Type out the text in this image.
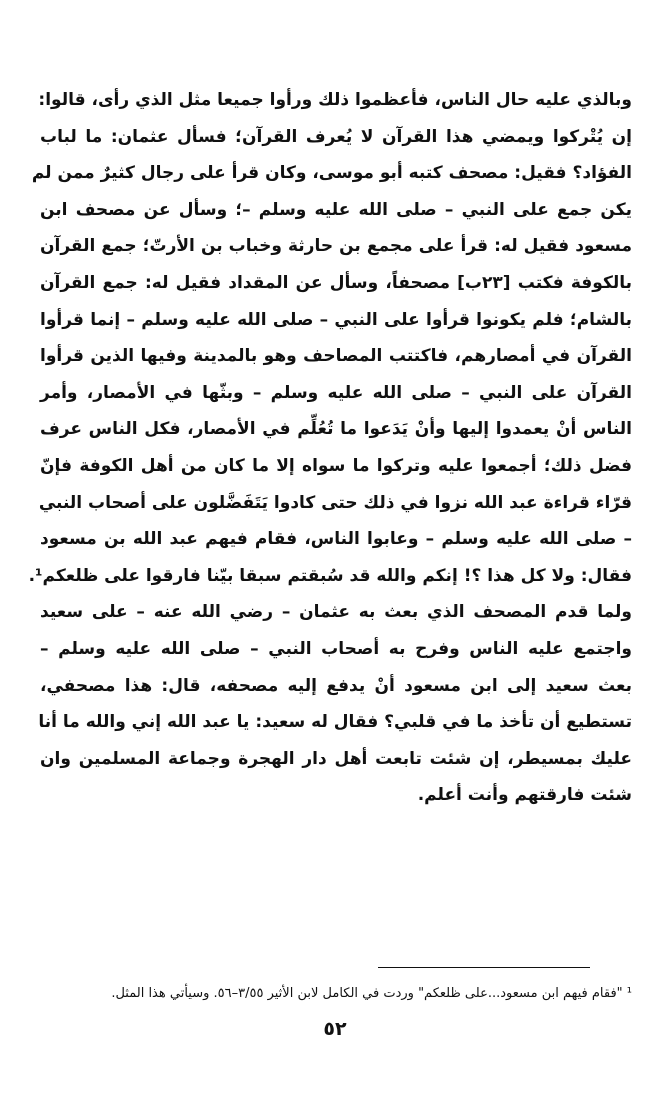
وبالذي عليه حال الناس، فأعظموا ذلك ورأوا جميعا مثل الذي رأى، قالوا:
إن يُتْركوا ويمضي هذا القرآن لا يُعرف القرآن؛ فسأل عثمان: ما لباب
الفؤاد؟ فقيل: مصحف كتبه أبو موسى، وكان قرأ على رجال كثيرٌ ممن لم
يكن جمع على النبي – صلى الله عليه وسلم –؛ وسأل عن مصحف ابن
مسعود فقيل له: قرأ على مجمع بن حارثة وخباب بن الأرتّ؛ جمع القرآن
بالكوفة فكتب [٢٣ب] مصحفاً، وسأل عن المقداد فقيل له: جمع القرآن
بالشام؛ فلم يكونوا قرأوا على النبي – صلى الله عليه وسلم – إنما قرأوا
القرآن في أمصارهم، فاكتتب المصاحف وهو بالمدينة وفيها الذين قرأوا
القرآن على النبي – صلى الله عليه وسلم – وبثّها في الأمصار، وأمر
الناس أنْ يعمدوا إليها وأنْ يَدَعوا ما تُعُلِّم في الأمصار، فكل الناس عرف
فضل ذلك؛ أجمعوا عليه وتركوا ما سواه إلا ما كان من أهل الكوفة فإنّ
قرّاء قراءة عبد الله نزوا في ذلك حتى كادوا يَتَفَضَّلون على أصحاب النبي
– صلى الله عليه وسلم – وعابوا الناس، فقام فيهم عبد الله بن مسعود
فقال: ولا كل هذا ؟! إنكم والله قد سُبقتم سبقا بيّنا فارقوا على ظلعكم¹.
ولما قدم المصحف الذي بعث به عثمان – رضي الله عنه – على سعيد
واجتمع عليه الناس وفرح به أصحاب النبي – صلى الله عليه وسلم –
بعث سعيد إلى ابن مسعود أنْ يدفع إليه مصحفه، قال: هذا مصحفي،
تستطيع أن تأخذ ما في قلبي؟ فقال له سعيد: يا عبد الله إني والله ما أنا
عليك بمسيطر، إن شئت تابعت أهل دار الهجرة وجماعة المسلمين وان
شئت فارقتهم وأنت أعلم.
¹ "فقام فيهم ابن مسعود...على ظلعكم" وردت في الكامل لابن الأثير ٣/٥٥–٥٦. وسيأتي هذا المثل.
٥٢
